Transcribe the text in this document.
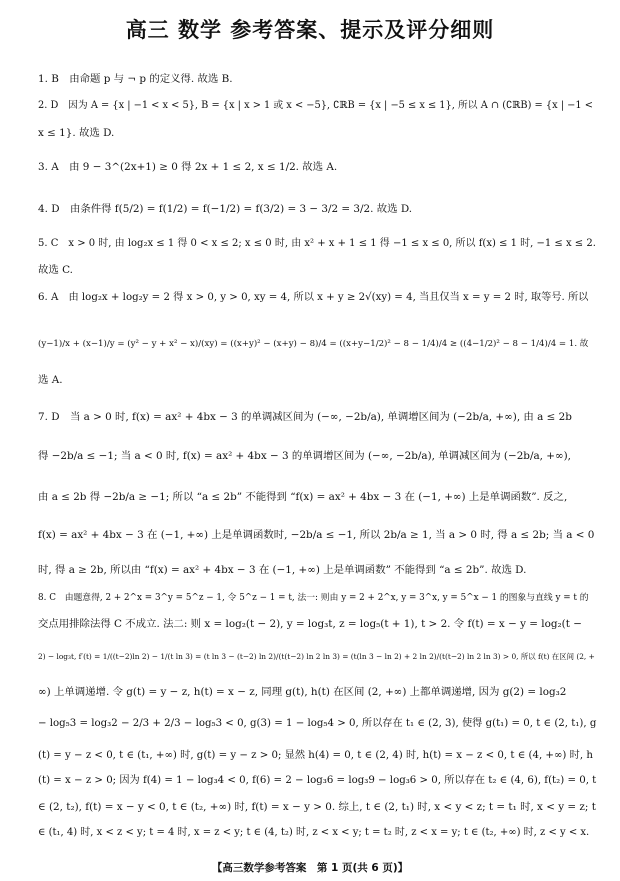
高三 数学 参考答案、提示及评分细则
1. B　由命题 p 与 ¬ p 的定义得. 故选 B.
2. D　因为 A = {x | −1 < x < 5}, B = {x | x > 1 或 x < −5}, ∁ℝB = {x | −5 ≤ x ≤ 1}, 所以 A ∩ (∁ℝB) = {x | −1 <
x ≤ 1}. 故选 D.
3. A　由 9 − 3^(2x+1) ≥ 0 得 2x + 1 ≤ 2, x ≤ 1/2. 故选 A.
4. D　由条件得 f(5/2) = f(1/2) = f(−1/2) = f(3/2) = 3 − 3/2 = 3/2. 故选 D.
5. C　x > 0 时, 由 log₂x ≤ 1 得 0 < x ≤ 2; x ≤ 0 时, 由 x² + x + 1 ≤ 1 得 −1 ≤ x ≤ 0, 所以 f(x) ≤ 1 时, −1 ≤ x ≤ 2.
故选 C.
6. A　由 log₂x + log₂y = 2 得 x > 0, y > 0, xy = 4, 所以 x + y ≥ 2√(xy) = 4, 当且仅当 x = y = 2 时, 取等号. 所以
(y−1)/x + (x−1)/y = (y² − y + x² − x)/(xy) = ((x+y)² − (x+y) − 8)/4 = ((x+y−1/2)² − 8 − 1/4)/4 ≥ ((4−1/2)² − 8 − 1/4)/4 = 1. 故
选 A.
7. D　当 a > 0 时, f(x) = ax² + 4bx − 3 的单调减区间为 (−∞, −2b/a), 单调增区间为 (−2b/a, +∞), 由 a ≤ 2b
得 −2b/a ≤ −1; 当 a < 0 时, f(x) = ax² + 4bx − 3 的单调增区间为 (−∞, −2b/a), 单调减区间为 (−2b/a, +∞),
由 a ≤ 2b 得 −2b/a ≥ −1; 所以 “a ≤ 2b” 不能得到 “f(x) = ax² + 4bx − 3 在 (−1, +∞) 上是单调函数”. 反之,
f(x) = ax² + 4bx − 3 在 (−1, +∞) 上是单调函数时, −2b/a ≤ −1, 所以 2b/a ≥ 1, 当 a > 0 时, 得 a ≤ 2b; 当 a < 0
时, 得 a ≥ 2b, 所以由 “f(x) = ax² + 4bx − 3 在 (−1, +∞) 上是单调函数” 不能得到 “a ≤ 2b”. 故选 D.
8. C　由题意得, 2 + 2^x = 3^y = 5^z − 1, 令 5^z − 1 = t, 法一: 则由 y = 2 + 2^x, y = 3^x, y = 5^x − 1 的图象与直线 y = t 的
交点用排除法得 C 不成立. 法二: 则 x = log₂(t − 2), y = log₃t, z = log₅(t + 1), t > 2. 令 f(t) = x − y = log₂(t −
2) − log₃t, f′(t) = 1/((t−2)ln 2) − 1/(t ln 3) = (t ln 3 − (t−2) ln 2)/(t(t−2) ln 2 ln 3) = (t(ln 3 − ln 2) + 2 ln 2)/(t(t−2) ln 2 ln 3) > 0, 所以 f(t) 在区间 (2, +
∞) 上单调递增. 令 g(t) = y − z, h(t) = x − z, 同理 g(t), h(t) 在区间 (2, +∞) 上都单调递增, 因为 g(2) = log₃2
− log₅3 = log₃2 − 2/3 + 2/3 − log₅3 < 0, g(3) = 1 − log₅4 > 0, 所以存在 t₁ ∈ (2, 3), 使得 g(t₁) = 0, t ∈ (2, t₁), g
(t) = y − z < 0, t ∈ (t₁, +∞) 时, g(t) = y − z > 0; 显然 h(4) = 0, t ∈ (2, 4) 时, h(t) = x − z < 0, t ∈ (4, +∞) 时, h
(t) = x − z > 0; 因为 f(4) = 1 − log₃4 < 0, f(6) = 2 − log₃6 = log₃9 − log₃6 > 0, 所以存在 t₂ ∈ (4, 6), f(t₂) = 0, t
∈ (2, t₂), f(t) = x − y < 0, t ∈ (t₂, +∞) 时, f(t) = x − y > 0. 综上, t ∈ (2, t₁) 时, x < y < z; t = t₁ 时, x < y = z; t
∈ (t₁, 4) 时, x < z < y; t = 4 时, x = z < y; t ∈ (4, t₂) 时, z < x < y; t = t₂ 时, z < x = y; t ∈ (t₂, +∞) 时, z < y < x.
【高三数学参考答案　第 1 页(共 6 页)】
